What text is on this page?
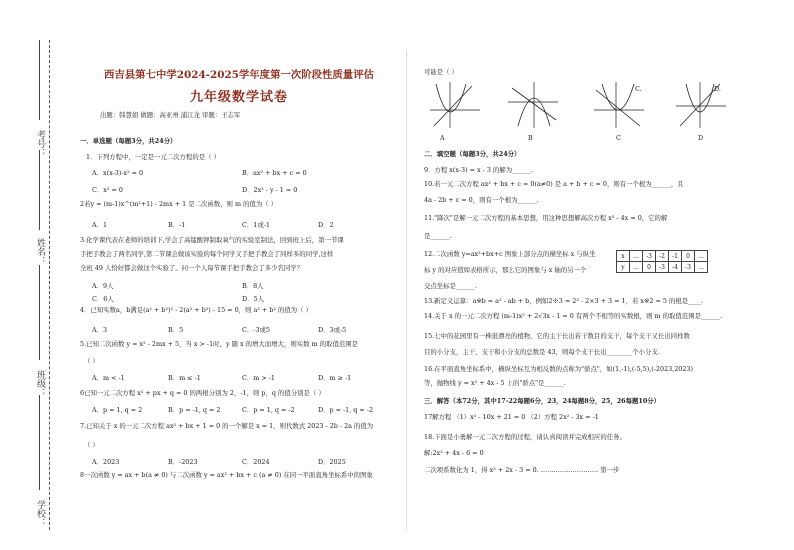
考号：
姓名：
班级：
学校：
西吉县第七中学2024-2025学年度第一次阶段性质量评估
九年级数学试卷
出题：韩慧娟 做题：高亚州 浦江龙 审题：王志军
一．单选题（每题3分，共24分）
1．下列方程中，一定是一元二次方程的是（ ）
A．x(x-3)-x² = 0	B．ax² + bx + c = 0
C．x² = 0	D．2x² - y - 1 = 0
2若y = (m-1)x^(m²+1) - 2mx + 1 是二次函数，则 m 的值为（ ）
A．1	B．-1	C．1或-1	D．2
3.化学课代表在老师的培训下,学会了高锰酸钾制取氧气的实验室制法，回到班上后，第一节课
手把手教会了两名同学,第二节课会做该实验的每个同学又手把手教会了同样多的同学,这样
全班 49 人恰好都会做这个实验了。问一个人每节课手把手教会了多少名同学？
A．9人	B．8人
C．6人	D．5人
4．已知实数a，b满足(a² + b²)² - 2(a² + b²) - 15 = 0，则 a² + b² 的值为（ ）
A．3	B．5	C．-3或5	D．3或-5
5.已知二次函数 y = x² - 2mx + 5，当 x > -1时，y 随 x 的增大而增大，则实数 m 的取值范围是
（ ）
A．m < -1	B．m ≤ -1	C．m > -1	D．m ≥ -1
6已知一元二次方程 x² + px + q = 0 的两根分别为 2，-1，则 p，q 的值分别是（ ）
A．p = 1, q = 2	B．p = -1, q = 2	C．p = 1, q = -2	D．p = -1, q = -2
7.已知关于 x 的一元二次方程 ax² + bx + 1 = 0 的一个解是 x = 1，则代数式 2023 - 2b - 2a 的值为
（ ）
A．2023	B．-2023	C．2024	D．2025
8一次函数 y = ax + b(a ≠ 0) 与二次函数 y = ax² + bx + c (a ≠ 0) 在同一平面直角坐标系中的图象
可能是（ ）
A	B
C.
C
D.
D
二．填空题（每题3分，共24分）
9．方程 x(x-3) = x - 3 的解为______.
10.若一元二次方程 ax² + bx + c = 0(a≠0) 是 a + b + c = 0，则有一个根为______，且
4a - 2b + c = 0，则有一个根为______.
11."降次"是解一元二次方程的基本思想，用这种思想解高次方程 x³ - 4x = 0，它的解
是______.
12.二次函数 y=ax²+bx+c 图象上部分点的横坐标 x 与纵坐
标 y 的对应值如表格所示，那么它的图象与 x 轴的另一个
交点坐标是______.
x	...	-3	-2	-1	0	...
y	...	0	-3	-4	-3	...
13.新定义运算：a※b = a² - ab + b，例如2※3 = 2² - 2×3 + 3 = 1，若 x※2 = 5 的根是____.
14.关于 x 的一元二次方程 (m-1)x² + 2√3x - 1 = 0 有两个不相等的实数根，则 m 的取值范围是______.
15.七中的花园里有一株很漂亮的植物，它的主干长出若干数目的支干，每个支干又长出同样数
目的小分支，主干、支干和小分支的总数是 43，则每个支干长出________个小分支.
16.在平面直角坐标系中，横纵坐标互为相反数的点称为"骄点"，如(1,-1),(-5,5),(-2023,2023)
等，抛物线 y = x² + 4x - 5 上的"骄点"是______.
三．解答（本72分，其中17-22每题6分，23，24每题8分，25，26每题10分）
17解方程 （1）x² - 10x + 21 = 0 （2）方程 2x² - 3x = -1
18.下面是小勇解一元二次方程的过程，请认真阅读并完成相应的任务。
解:2x² + 4x - 6 = 0
二次项系数化为 1，得 x² + 2x - 3 = 0. ……………………… 第一步
